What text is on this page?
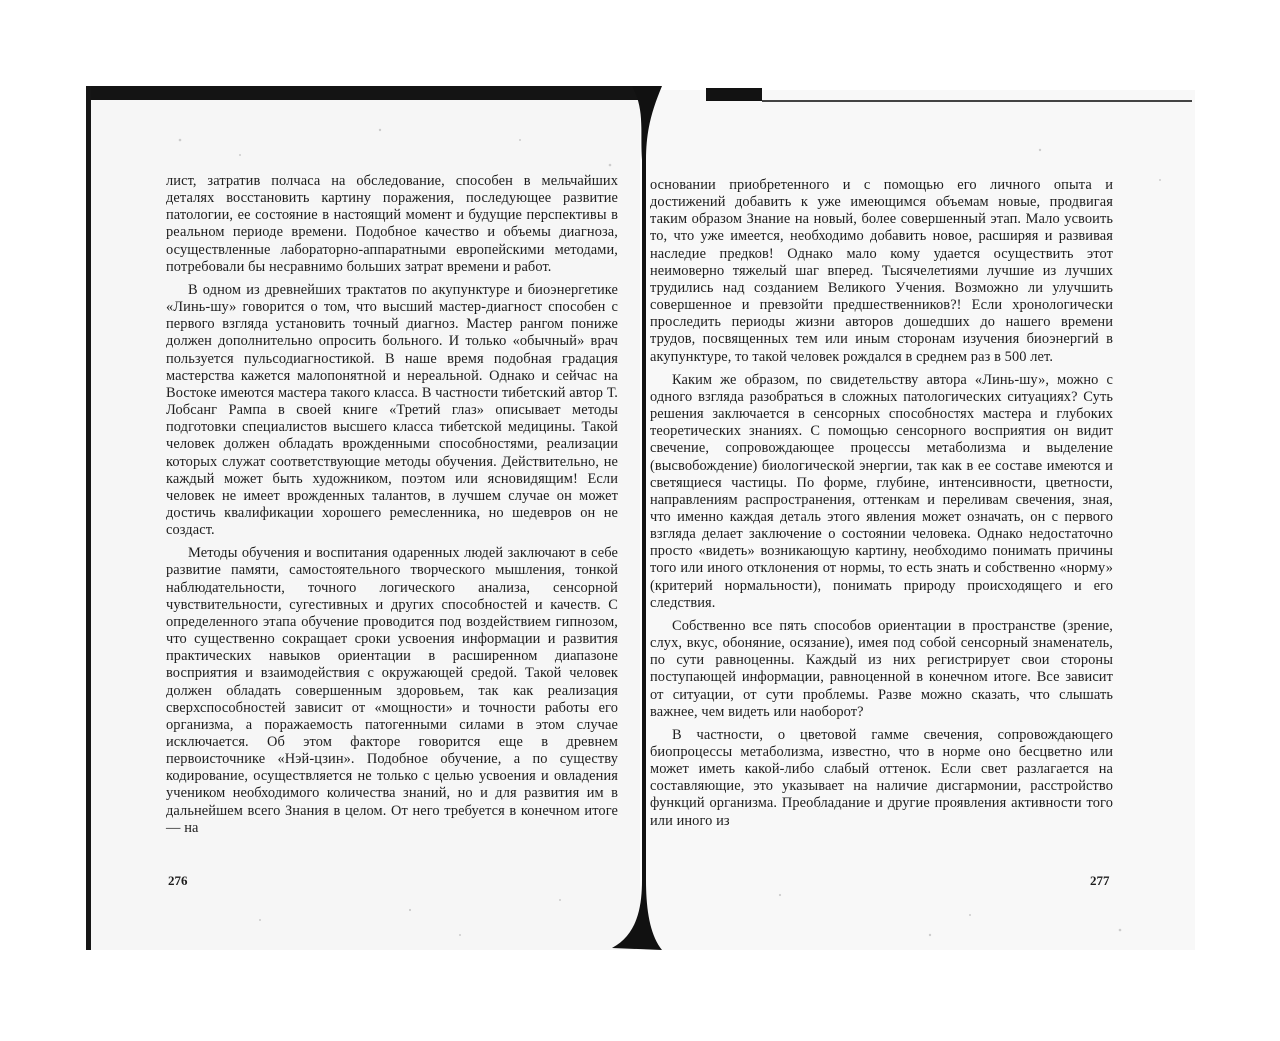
лист, затратив полчаса на обследование, способен в мельчайших деталях восстановить картину поражения, последующее развитие патологии, ее состояние в настоящий момент и будущие перспективы в реальном периоде времени. Подобное качество и объемы диагноза, осуществленные лабораторно-аппаратными европейскими методами, потребовали бы несравнимо больших затрат времени и работ.

В одном из древнейших трактатов по акупунктуре и биоэнергетике «Линь-шу» говорится о том, что высший мастер-диагност способен с первого взгляда установить точный диагноз. Мастер рангом пониже должен дополнительно опросить больного. И только «обычный» врач пользуется пульсодиагностикой. В наше время подобная градация мастерства кажется малопонятной и нереальной. Однако и сейчас на Востоке имеются мастера такого класса. В частности тибетский автор Т. Лобсанг Рампа в своей книге «Третий глаз» описывает методы подготовки специалистов высшего класса тибетской медицины. Такой человек должен обладать врожденными способностями, реализации которых служат соответствующие методы обучения. Действительно, не каждый может быть художником, поэтом или ясновидящим! Если человек не имеет врожденных талантов, в лучшем случае он может достичь квалификации хорошего ремесленника, но шедевров он не создаст.

Методы обучения и воспитания одаренных людей заключают в себе развитие памяти, самостоятельного творческого мышления, тонкой наблюдательности, точного логического анализа, сенсорной чувствительности, сугестивных и других способностей и качеств. С определенного этапа обучение проводится под воздействием гипнозом, что существенно сокращает сроки усвоения информации и развития практических навыков ориентации в расширенном диапазоне восприятия и взаимодействия с окружающей средой. Такой человек должен обладать совершенным здоровьем, так как реализация сверхспособностей зависит от «мощности» и точности работы его организма, а поражаемость патогенными силами в этом случае исключается. Об этом факторе говорится еще в древнем первоисточнике «Нэй-цзин». Подобное обучение, а по существу кодирование, осуществляется не только с целью усвоения и овладения учеником необходимого количества знаний, но и для развития им в дальнейшем всего Знания в целом. От него требуется в конечном итоге — на

основании приобретенного и с помощью его личного опыта и достижений добавить к уже имеющимся объемам новые, продвигая таким образом Знание на новый, более совершенный этап. Мало усвоить то, что уже имеется, необходимо добавить новое, расширяя и развивая наследие предков! Однако мало кому удается осуществить этот неимоверно тяжелый шаг вперед. Тысячелетиями лучшие из лучших трудились над созданием Великого Учения. Возможно ли улучшить совершенное и превзойти предшественников?! Если хронологически проследить периоды жизни авторов дошедших до нашего времени трудов, посвященных тем или иным сторонам изучения биоэнергий в акупунктуре, то такой человек рождался в среднем раз в 500 лет.

Каким же образом, по свидетельству автора «Линь-шу», можно с одного взгляда разобраться в сложных патологических ситуациях? Суть решения заключается в сенсорных способностях мастера и глубоких теоретических знаниях. С помощью сенсорного восприятия он видит свечение, сопровождающее процессы метаболизма и выделение (высвобождение) биологической энергии, так как в ее составе имеются и светящиеся частицы. По форме, глубине, интенсивности, цветности, направлениям распространения, оттенкам и переливам свечения, зная, что именно каждая деталь этого явления может означать, он с первого взгляда делает заключение о состоянии человека. Однако недостаточно просто «видеть» возникающую картину, необходимо понимать причины того или иного отклонения от нормы, то есть знать и собственно «норму» (критерий нормальности), понимать природу происходящего и его следствия.

Собственно все пять способов ориентации в пространстве (зрение, слух, вкус, обоняние, осязание), имея под собой сенсорный знаменатель, по сути равноценны. Каждый из них регистрирует свои стороны поступающей информации, равноценной в конечном итоге. Все зависит от ситуации, от сути проблемы. Разве можно сказать, что слышать важнее, чем видеть или наоборот?

В частности, о цветовой гамме свечения, сопровождающего биопроцессы метаболизма, известно, что в норме оно бесцветно или может иметь какой-либо слабый оттенок. Если свет разлагается на составляющие, это указывает на наличие дисгармонии, расстройство функций организма. Преобладание и другие проявления активности того или иного из

276	277
